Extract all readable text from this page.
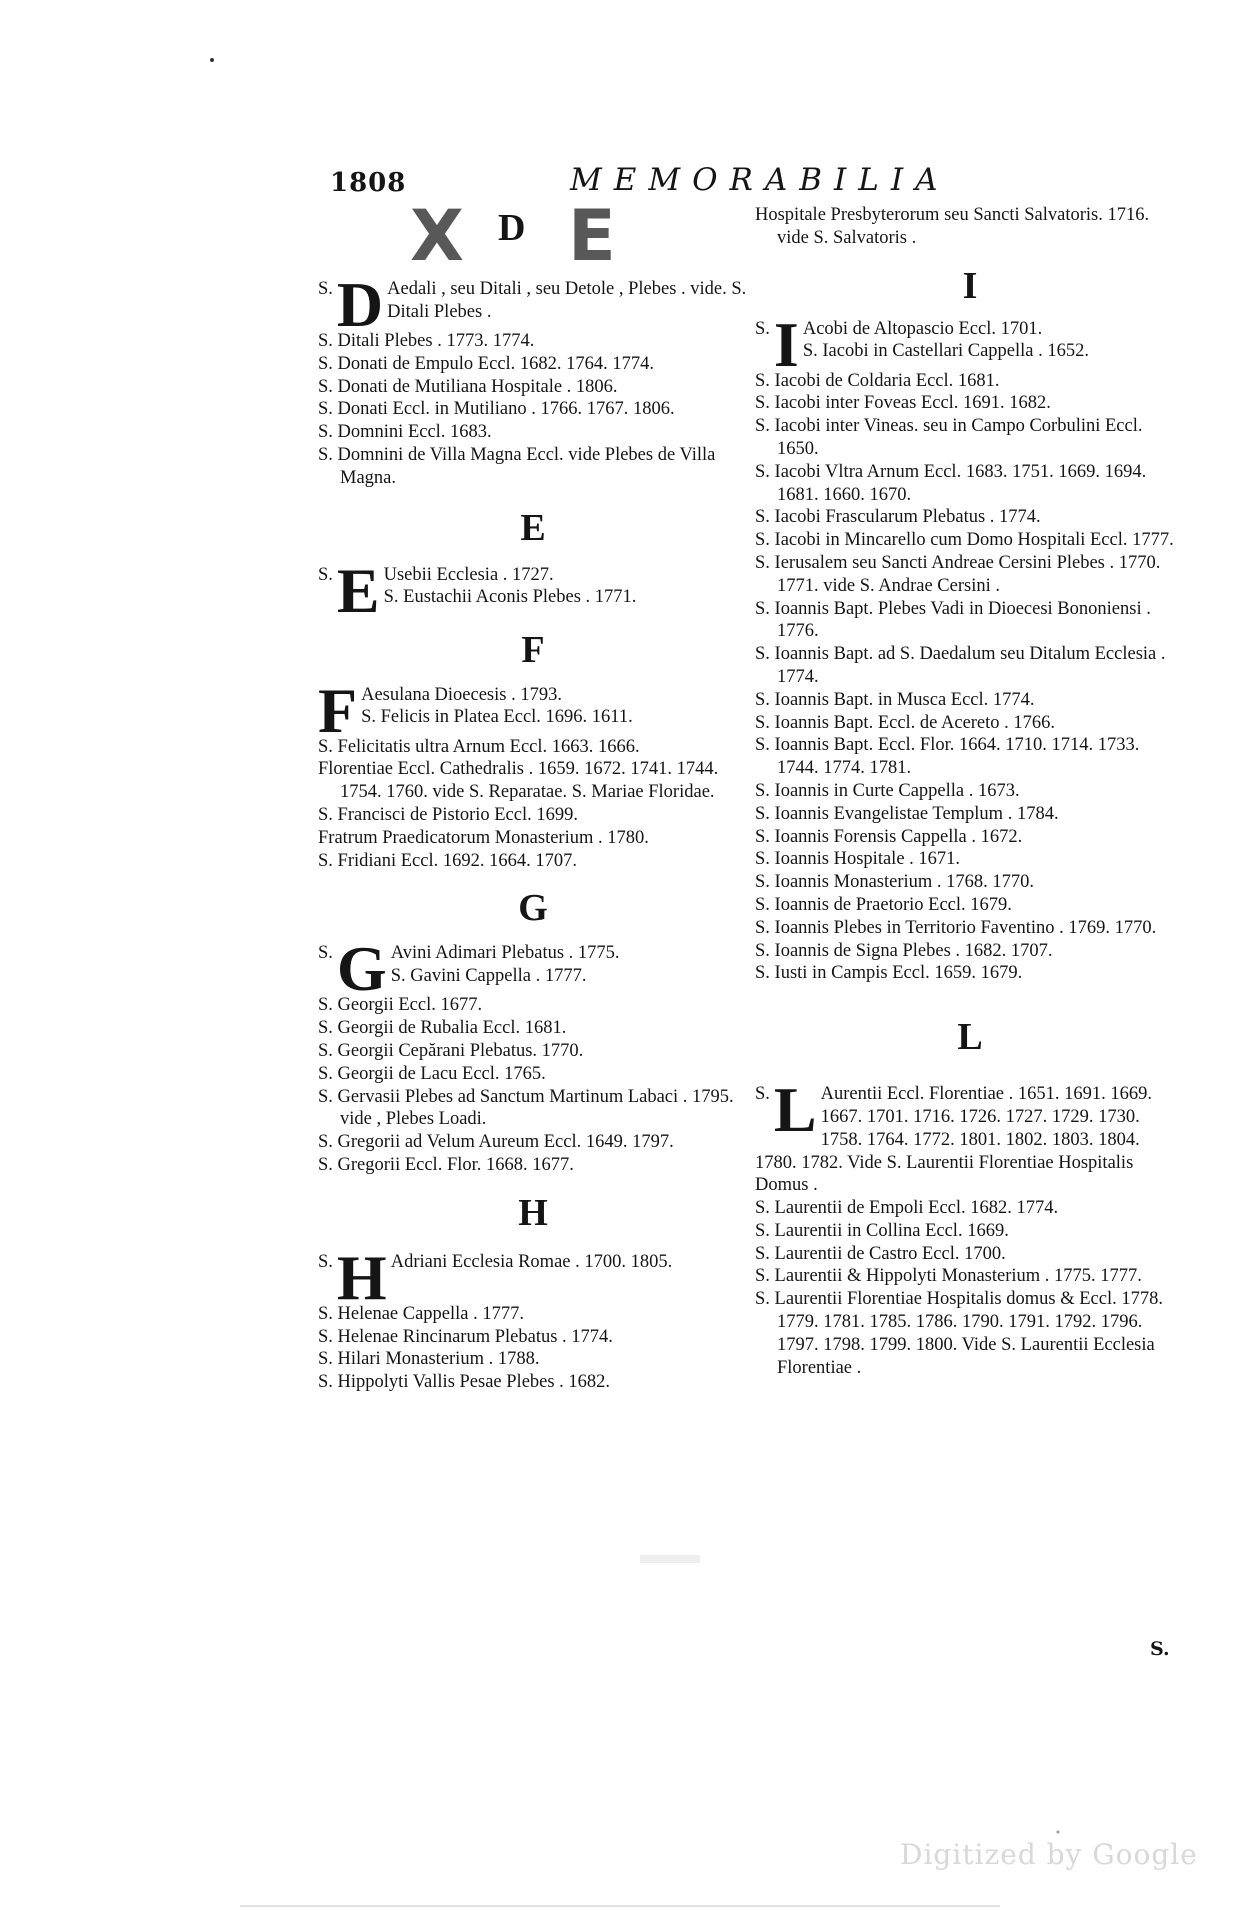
1808	MEMORABILIA
X E
D
S. D Aedali , seu Ditali , seu Detole , Plebes . vide. S. Ditali Plebes .
S. Ditali Plebes . 1773. 1774.
S. Donati de Empulo Eccl. 1682. 1764. 1774.
S. Donati de Mutiliana Hospitale . 1806.
S. Donati Eccl. in Mutiliano . 1766. 1767. 1806.
S. Domnini Eccl. 1683.
S. Domnini de Villa Magna Eccl. vide Plebes de Villa Magna.
E
S. E Usebii Ecclesia . 1727.
S. Eustachii Aconis Plebes . 1771.
F
F Aesulana Dioecesis . 1793.
S. Felicis in Platea Eccl. 1696. 1611.
S. Felicitatis ultra Arnum Eccl. 1663. 1666.
Florentiae Eccl. Cathedralis . 1659. 1672. 1741. 1744. 1754. 1760. vide S. Reparatae. S. Mariae Floridae.
S. Francisci de Pistorio Eccl. 1699.
Fratrum Praedicatorum Monasterium . 1780.
S. Fridiani Eccl. 1692. 1664. 1707.
G
S. G Avini Adimari Plebatus . 1775.
S. Gavini Cappella . 1777.
S. Georgii Eccl. 1677.
S. Georgii de Rubalia Eccl. 1681.
S. Georgii Cepărani Plebatus. 1770.
S. Georgii de Lacu Eccl. 1765.
S. Gervasii Plebes ad Sanctum Martinum Labaci . 1795. vide , Plebes Loadi.
S. Gregorii ad Velum Aureum Eccl. 1649. 1797.
S. Gregorii Eccl. Flor. 1668. 1677.
H
S. H Adriani Ecclesia Romae . 1700. 1805.
S. Helenae Cappella . 1777.
S. Helenae Rincinarum Plebatus . 1774.
S. Hilari Monasterium . 1788.
S. Hippolyti Vallis Pesae Plebes . 1682.
Hospitale Presbyterorum seu Sancti Salvatoris. 1716. vide S. Salvatoris .
I
S. I Acobi de Altopascio Eccl. 1701.
S. Iacobi in Castellari Cappella . 1652.
S. Iacobi de Coldaria Eccl. 1681.
S. Iacobi inter Foveas Eccl. 1691. 1682.
S. Iacobi inter Vineas. seu in Campo Corbulini Eccl. 1650.
S. Iacobi Vltra Arnum Eccl. 1683. 1751. 1669. 1694. 1681. 1660. 1670.
S. Iacobi Frascularum Plebatus . 1774.
S. Iacobi in Mincarello cum Domo Hospitali Eccl. 1777.
S. Ierusalem seu Sancti Andreae Cersini Plebes . 1770. 1771. vide S. Andrae Cersini .
S. Ioannis Bapt. Plebes Vadi in Dioecesi Bononiensi . 1776.
S. Ioannis Bapt. ad S. Daedalum seu Ditalum Ecclesia . 1774.
S. Ioannis Bapt. in Musca Eccl. 1774.
S. Ioannis Bapt. Eccl. de Acereto . 1766.
S. Ioannis Bapt. Eccl. Flor. 1664. 1710. 1714. 1733. 1744. 1774. 1781.
S. Ioannis in Curte Cappella . 1673.
S. Ioannis Evangelistae Templum . 1784.
S. Ioannis Forensis Cappella . 1672.
S. Ioannis Hospitale . 1671.
S. Ioannis Monasterium . 1768. 1770.
S. Ioannis de Praetorio Eccl. 1679.
S. Ioannis Plebes in Territorio Faventino . 1769. 1770.
S. Ioannis de Signa Plebes . 1682. 1707.
S. Iusti in Campis Eccl. 1659. 1679.
L
S. L Aurentii Eccl. Florentiae . 1651. 1691. 1669. 1667. 1701. 1716. 1726. 1727. 1729. 1730. 1758. 1764. 1772. 1801. 1802. 1803. 1804. 1780. 1782. Vide S. Laurentii Florentiae Hospitalis Domus .
S. Laurentii de Empoli Eccl. 1682. 1774.
S. Laurentii in Collina Eccl. 1669.
S. Laurentii de Castro Eccl. 1700.
S. Laurentii & Hippolyti Monasterium . 1775. 1777.
S. Laurentii Florentiae Hospitalis domus & Eccl. 1778. 1779. 1781. 1785. 1786. 1790. 1791. 1792. 1796. 1797. 1798. 1799. 1800. Vide S. Laurentii Ecclesia Florentiae .
S.
Digitized by Google
